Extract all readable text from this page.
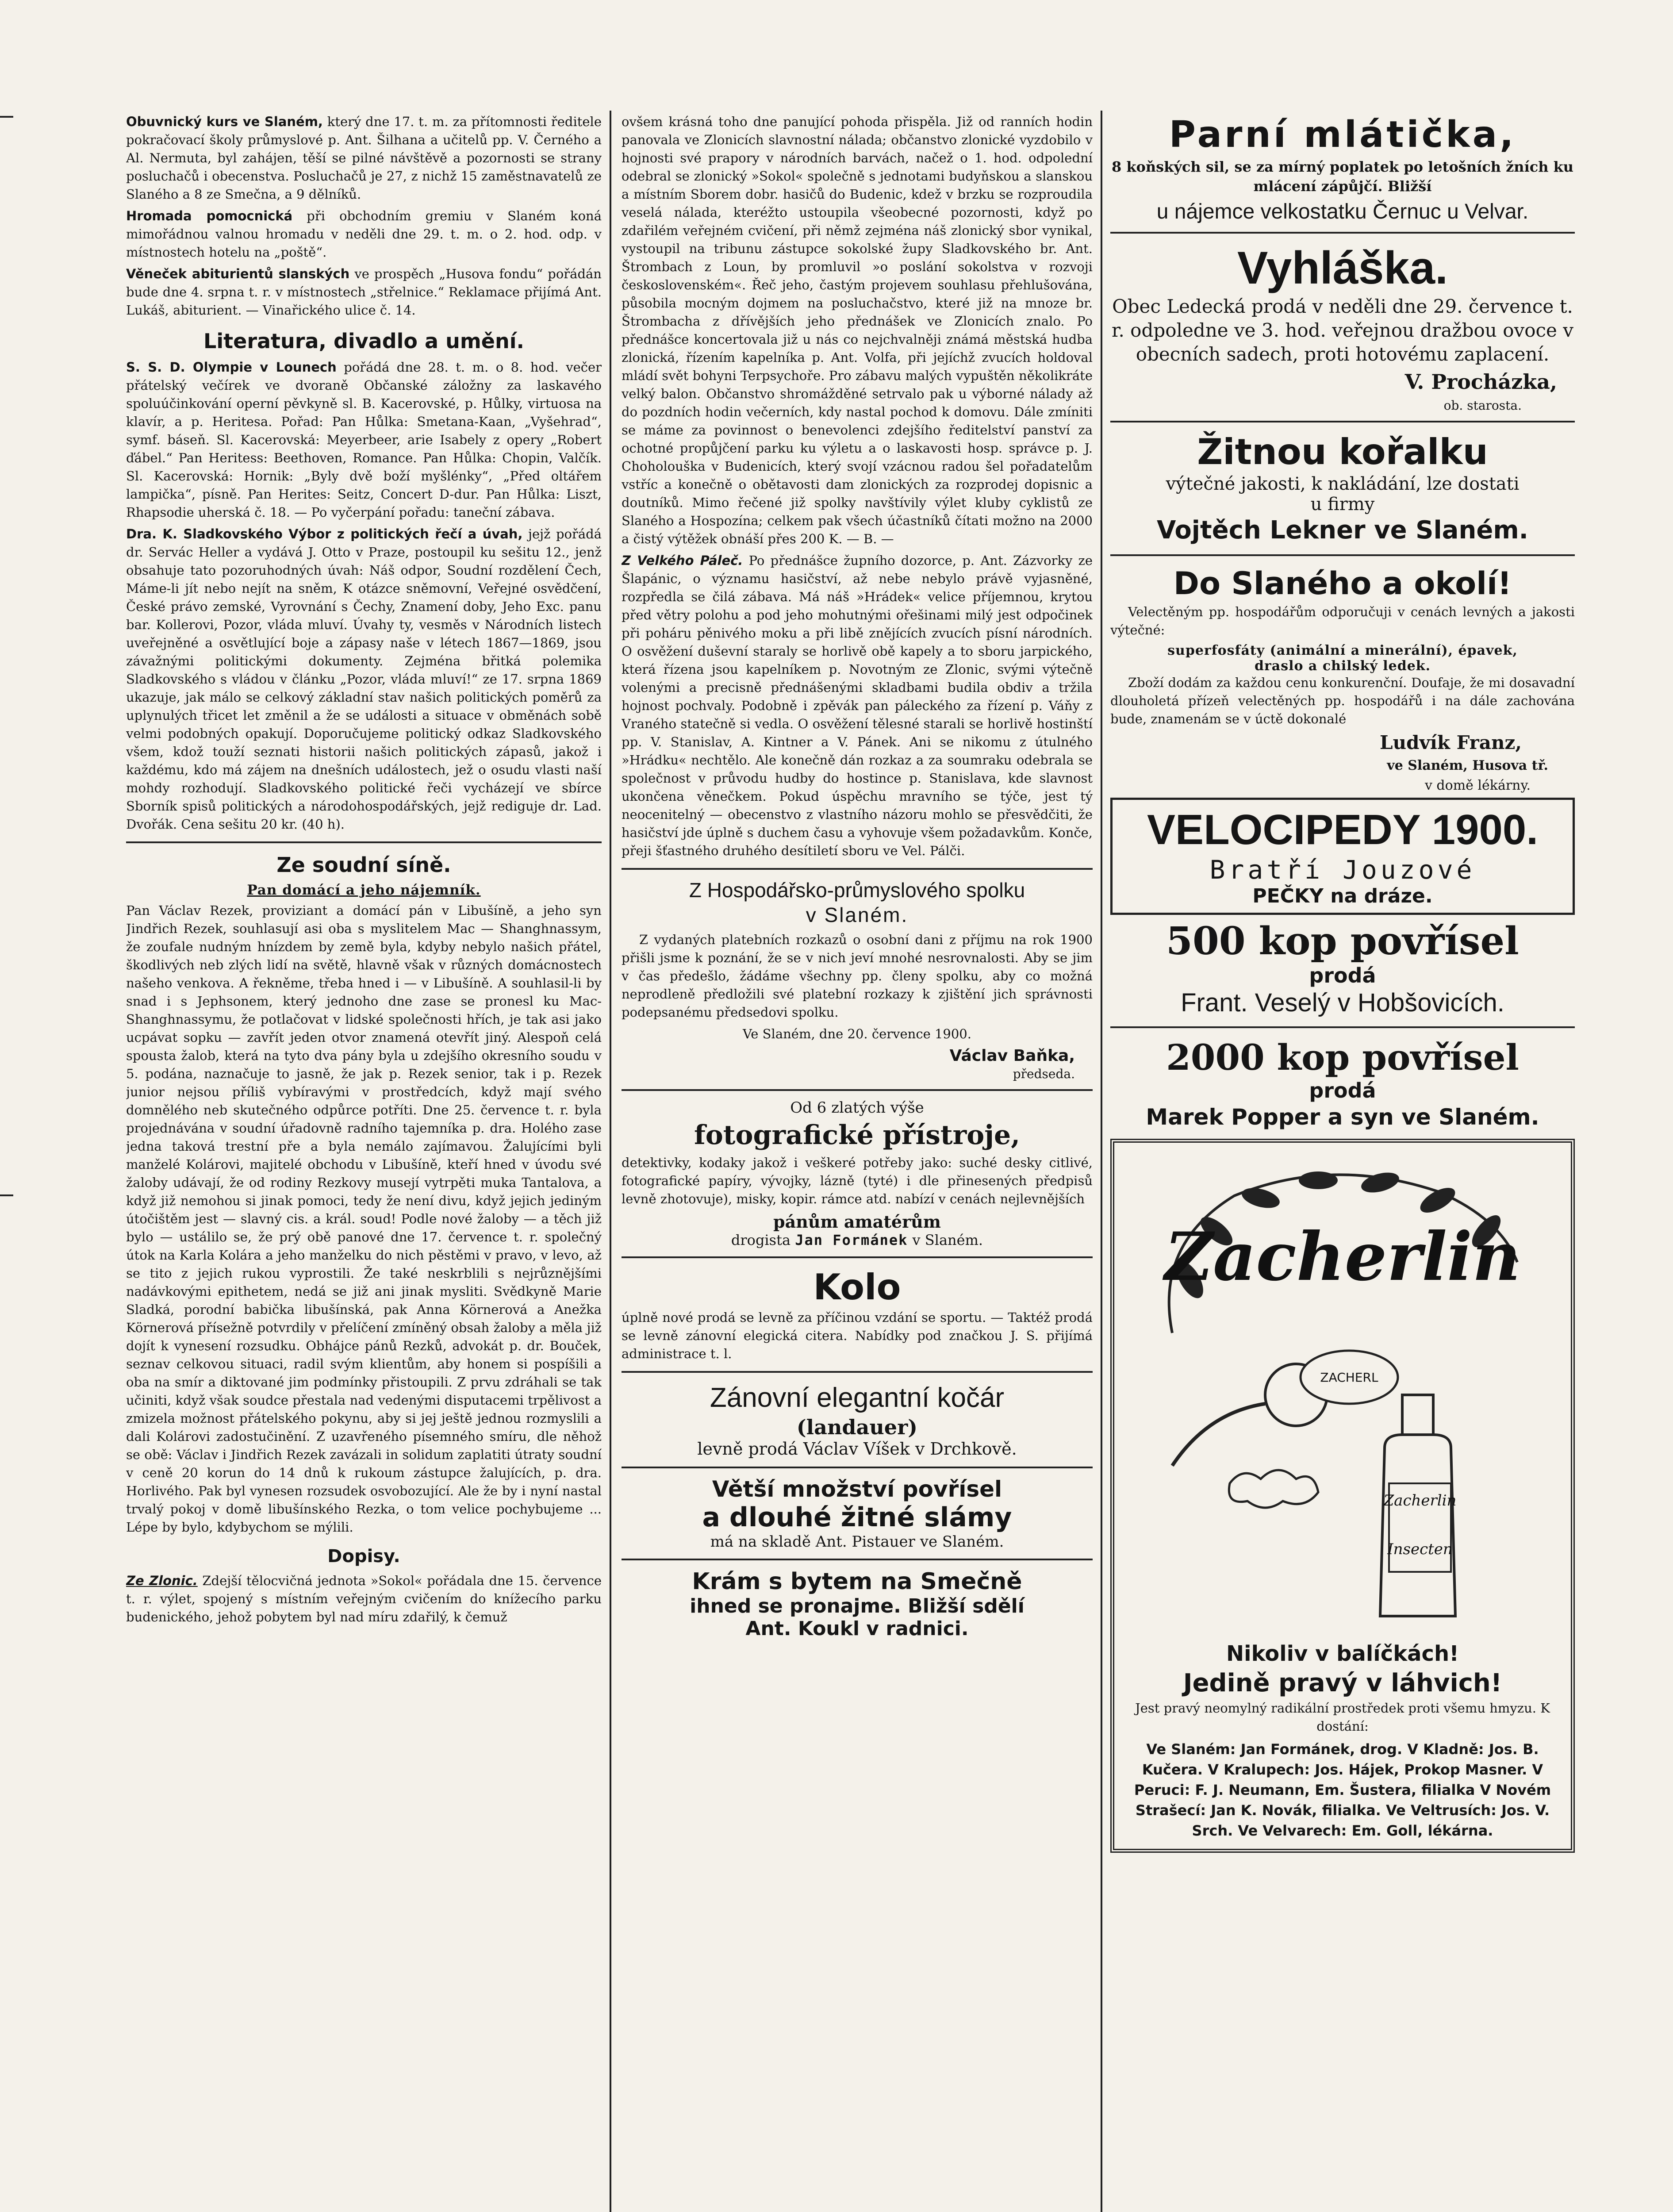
Obuvnický kurs ve Slaném, který dne 17. t. m. za přítomnosti ředitele pokračovací školy průmyslové p. Ant. Šilhana a učitelů pp. V. Černého a Al. Nermuta, byl zahájen, těší se pilné návštěvě a pozornosti se strany posluchačů i obecenstva. Posluchačů je 27, z nichž 15 zaměstnavatelů ze Slaného a 8 ze Smečna, a 9 dělníků.

Hromada pomocnická při obchodním gremiu v Slaném koná mimořádnou valnou hromadu v neděli dne 29. t. m. o 2. hod. odp. v místnostech hotelu na „poště“.

Věneček abiturientů slanských ve prospěch „Husova fondu“ pořádán bude dne 4. srpna t. r. v místnostech „střelnice.“ Reklamace přijímá Ant. Lukáš, abiturient. — Vinařického ulice č. 14.

Literatura, divadlo a umění.

S. S. D. Olympie v Lounech pořádá dne 28. t. m. o 8. hod. večer přátelský večírek ve dvoraně Občanské záložny za laskavého spoluúčinkování operní pěvkyně sl. B. Kacerovské, p. Hůlky, virtuosa na klavír, a p. Heritesa. Pořad: Pan Hůlka: Smetana-Kaan, „Vyšehrad“, symf. báseň. Sl. Kacerovská: Meyerbeer, arie Isabely z opery „Robert ďábel.“ Pan Heritess: Beethoven, Romance. Pan Hůlka: Chopin, Valčík. Sl. Kacerovská: Hornik: „Byly dvě boží myšlénky“, „Před oltářem lampička“, písně. Pan Herites: Seitz, Concert D-dur. Pan Hůlka: Liszt, Rhapsodie uherská č. 18. — Po vyčerpání pořadu: taneční zábava.

Dra. K. Sladkovského Výbor z politických řečí a úvah, jejž pořádá dr. Servác Heller a vydává J. Otto v Praze, postoupil ku sešitu 12., jenž obsahuje tato pozoruhodných úvah: Náš odpor, Soudní rozdělení Čech, Máme-li jít nebo nejít na sněm, K otázce sněmovní, Veřejné osvědčení, České právo zemské, Vyrovnání s Čechy, Znamení doby, Jeho Exc. panu bar. Kollerovi, Pozor, vláda mluví. Úvahy ty, vesměs v Národních listech uveřejněné a osvětlující boje a zápasy naše v létech 1867—1869, jsou závažnými politickými dokumenty. Zejména břitká polemika Sladkovského s vládou v článku „Pozor, vláda mluví!“ ze 17. srpna 1869 ukazuje, jak málo se celkový základní stav našich politických poměrů za uplynulých třicet let změnil a že se události a situace v obměnách sobě velmi podobných opakují. Doporučujeme politický odkaz Sladkovského všem, kdož touží seznati historii našich politických zápasů, jakož i každému, kdo má zájem na dnešních událostech, jež o osudu vlasti naší mohdy rozhodují. Sladkovského politické řeči vycházejí ve sbírce Sborník spisů politických a národohospodářských, jejž rediguje dr. Lad. Dvořák. Cena sešitu 20 kr. (40 h).

Ze soudní síně.
Pan domácí a jeho nájemník.

Pan Václav Rezek, proviziant a domácí pán v Libušíně, a jeho syn Jindřich Rezek, souhlasují asi oba s myslitelem Mac — Shanghnassym, že zoufale nudným hnízdem by země byla, kdyby nebylo našich přátel, škodlivých neb zlých lidí na světě, hlavně však v různých domácnostech našeho venkova. A řekněme, třeba hned i — v Libušíně. A souhlasil-li by snad i s Jephsonem, který jednoho dne zase se pronesl ku Mac-Shanghnassymu, že potlačovat v lidské společnosti hřích, je tak asi jako ucpávat sopku — zavřít jeden otvor znamená otevřít jiný. Alespoň celá spousta žalob, která na tyto dva pány byla u zdejšího okresního soudu v 5. podána, naznačuje to jasně, že jak p. Rezek senior, tak i p. Rezek junior nejsou příliš vybíravými v prostředcích, když mají svého domnělého neb skutečného odpůrce potříti. Dne 25. července t. r. byla projednávána v soudní úřadovně radního tajemníka p. dra. Holého zase jedna taková trestní pře a byla nemálo zajímavou. Žalujícími byli manželé Kolárovi, majitelé obchodu v Libušíně, kteří hned v úvodu své žaloby udávají, že od rodiny Rezkovy musejí vytrpěti muka Tantalova, a když již nemohou si jinak pomoci, tedy že není divu, když jejich jediným útočištěm jest — slavný cis. a král. soud! Podle nové žaloby — a těch již bylo — ustálilo se, že prý obě panové dne 17. července t. r. společný útok na Karla Kolára a jeho manželku do nich pěstěmi v pravo, v levo, až se tito z jejich rukou vyprostili. Že také neskrblili s nejrůznějšími nadávkovými epithetem, nedá se již ani jinak mysliti. Svědkyně Marie Sladká, porodní babička libušínská, pak Anna Körnerová a Anežka Körnerová přísežně potvrdily v přelíčení zmíněný obsah žaloby a měla již dojít k vynesení rozsudku. Obhájce pánů Rezků, advokát p. dr. Bouček, seznav celkovou situaci, radil svým klientům, aby honem si pospíšili a oba na smír a diktované jim podmínky přistoupili. Z prvu zdráhali se tak učiniti, když však soudce přestala nad vedenými disputacemi trpělivost a zmizela možnost přátelského pokynu, aby si jej ještě jednou rozmyslili a dali Kolárovi zadostučinění. Z uzavřeného písemného smíru, dle něhož se obě: Václav i Jindřich Rezek zavázali in solidum zaplatiti útraty soudní v ceně 20 korun do 14 dnů k rukoum zástupce žalujících, p. dra. Horlivého. Pak byl vynesen rozsudek osvobozující. Ale že by i nyní nastal trvalý pokoj v domě libušínského Rezka, o tom velice pochybujeme ... Lépe by bylo, kdybychom se mýlili.

Dopisy.

Ze Zlonic. Zdejší tělocvičná jednota »Sokol« pořádala dne 15. července t. r. výlet, spojený s místním veřejným cvičením do knížecího parku budenického, jehož pobytem byl nad míru zdařilý, k čemuž

ovšem krásná toho dne panující pohoda přispěla. Již od ranních hodin panovala ve Zlonicích slavnostní nálada; občanstvo zlonické vyzdobilo v hojnosti své prapory v národních barvách, načež o 1. hod. odpolední odebral se zlonický »Sokol« společně s jednotami budyňskou a slanskou a místním Sborem dobr. hasičů do Budenic, kdež v brzku se rozproudila veselá nálada, kteréžto ustoupila všeobecné pozornosti, když po zdařilém veřejném cvičení, při němž zejména náš zlonický sbor vynikal, vystoupil na tribunu zástupce sokolské župy Sladkovského br. Ant. Štrombach z Loun, by promluvil »o poslání sokolstva v rozvoji československém«. Řeč jeho, častým projevem souhlasu přehlušována, působila mocným dojmem na posluchačstvo, které již na mnoze br. Štrombacha z dřívějších jeho přednášek ve Zlonicích znalo. Po přednášce koncertovala již u nás co nejchvalněji známá městská hudba zlonická, řízením kapelníka p. Ant. Volfa, při jejíchž zvucích holdoval mládí svět bohyni Terpsychoře. Pro zábavu malých vypuštěn několikráte velký balon. Občanstvo shromážděné setrvalo pak u výborné nálady až do pozdních hodin večerních, kdy nastal pochod k domovu. Dále zmíniti se máme za povinnost o benevolenci zdejšího ředitelství panství za ochotné propůjčení parku ku výletu a o laskavosti hosp. správce p. J. Choholouška v Budenicích, který svojí vzácnou radou šel pořadatelům vstříc a konečně o obětavosti dam zlonických za rozprodej dopisnic a doutníků. Mimo řečené již spolky navštívily výlet kluby cyklistů ze Slaného a Hospozína; celkem pak všech účastníků čítati možno na 2000 a čistý výtěžek obnáší přes 200 K. — B. —

Z Velkého Páleč. Po přednášce župního dozorce, p. Ant. Zázvorky ze Šlapánic, o významu hasičství, až nebe nebylo právě vyjasněné, rozpředla se čilá zábava. Má náš »Hrádek« velice příjemnou, krytou před větry polohu a pod jeho mohutnými ořešinami milý jest odpočinek při poháru pěnivého moku a při libě znějících zvucích písní národních. O osvěžení duševní staraly se horlivě obě kapely a to sboru jarpického, která řízena jsou kapelníkem p. Novotným ze Zlonic, svými výtečně volenými a precisně přednášenými skladbami budila obdiv a tržila hojnost pochvaly. Podobně i zpěvák pan páleckého za řízení p. Váňy z Vraného statečně si vedla. O osvěžení tělesné starali se horlivě hostinští pp. V. Stanislav, A. Kintner a V. Pánek. Ani se nikomu z útulného »Hrádku« nechtělo. Ale konečně dán rozkaz a za soumraku odebrala se společnost v průvodu hudby do hostince p. Stanislava, kde slavnost ukončena věnečkem. Pokud úspěchu mravního se týče, jest tý neocenitelný — obecenstvo z vlastního názoru mohlo se přesvědčiti, že hasičství jde úplně s duchem času a vyhovuje všem požadavkům. Konče, přeji šťastného druhého desítiletí sboru ve Vel. Pálči.

Z Hospodářsko-průmyslového spolku
v Slaném.

Z vydaných platebních rozkazů o osobní dani z příjmu na rok 1900 přišli jsme k poznání, že se v nich jeví mnohé nesrovnalosti. Aby se jim v čas předešlo, žádáme všechny pp. členy spolku, aby co možná neprodleně předložili své platební rozkazy k zjištění jich správnosti podepsanému předsedovi spolku.

Ve Slaném, dne 20. července 1900.

Václav Baňka,
předseda.
Od 6 zlatých výše
fotografické přístroje,

detektivky, kodaky jakož i veškeré potřeby jako: suché desky citlivé, fotografické papíry, vývojky, lázně (tyté) i dle přinesených předpisů levně zhotovuje), misky, kopir. rámce atd. nabízí v cenách nejlevnějších

pánům amatérům
drogista Jan Formánek v Slaném.
Kolo

úplně nové prodá se levně za příčinou vzdání se sportu. — Taktéž prodá se levně zánovní elegická citera. Nabídky pod značkou J. S. přijímá administrace t. l.

Zánovní elegantní kočár
(landauer)
levně prodá Václav Víšek v Drchkově.
Větší množství povřísel
a dlouhé žitné slámy
má na skladě Ant. Pistauer ve Slaném.
Krám s bytem na Smečně
ihned se pronajme. Bližší sdělí
Ant. Koukl v radnici.
Parní mlátička,

8 koňských sil, se za mírný poplatek po letošních žních ku mlácení zápůjčí. Bližší

u nájemce velkostatku Černuc u Velvar.
Vyhláška.

Obec Ledecká prodá v neděli dne 29. července t. r. odpoledne ve 3. hod. veřejnou dražbou ovoce v obecních sadech, proti hotovému zaplacení.

V. Procházka,
ob. starosta.
Žitnou kořalku
výtečné jakosti, k nakládání, lze dostati
u firmy
Vojtěch Lekner ve Slaném.
Do Slaného a okolí!

Velectěným pp. hospodářům odporučuji v cenách levných a jakosti výtečné:

superfosfáty (animální a minerální), épavek,
draslo a chilský ledek.

Zboží dodám za každou cenu konkurenční. Doufaje, že mi dosavadní dlouholetá přízeň velectěných pp. hospodářů i na dále zachována bude, znamenám se v úctě dokonalé

Ludvík Franz,
ve Slaném, Husova tř.
v domě lékárny.
VELOCIPEDY 1900.
Bratří Jouzové
PEČKY na dráze.
500 kop povřísel
prodá
Frant. Veselý v Hobšovicích.
2000 kop povřísel
prodá
Marek Popper a syn ve Slaném.
Zacherlin
Zacherlin
Insecten
ZACHERL
Nikoliv v balíčkách!
Jedině pravý v láhvich!

Jest pravý neomylný radikální prostředek proti všemu hmyzu. K dostání:

Ve Slaném: Jan Formánek, drog. V Kladně: Jos. B. Kučera. V Kralupech: Jos. Hájek, Prokop Masner. V Peruci: F. J. Neumann, Em. Šustera, filialka V Novém Strašecí: Jan K. Novák, filialka. Ve Veltrusích: Jos. V. Srch. Ve Velvarech: Em. Goll, lékárna.
